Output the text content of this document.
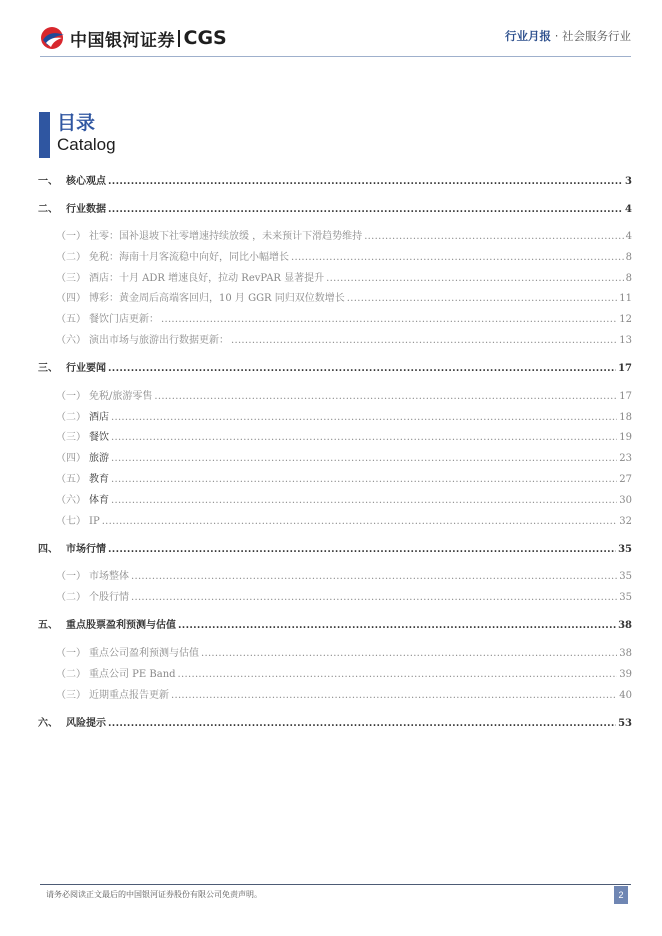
中国银河证券 CGS	行业月报 · 社会服务行业
目录
Catalog
一、 核心观点 .....	3
二、 行业数据 .....	4
（一） 社零：国补退坡下社零增速持续放缓 ，未来预计下滑趋势维持 .....	4
（二） 免税：海南十月客流稳中向好，同比小幅增长 .....	8
（三） 酒店：十月 ADR 增速良好，拉动 RevPAR 显著提升 .....	8
（四） 博彩：黄金周后高端客回归，10 月 GGR 同归双位数增长 .....	11
（五） 餐饮门店更新： .....	12
（六） 演出市场与旅游出行数据更新： .....	13
三、 行业要闻 .....	17
（一） 免税/旅游零售 .....	17
（二） 酒店 .....	18
（三） 餐饮 .....	19
（四） 旅游 .....	23
（五） 教育 .....	27
（六） 体育 .....	30
（七） IP .....	32
四、 市场行情 .....	35
（一） 市场整体 .....	35
（二） 个股行情 .....	35
五、 重点股票盈利预测与估值 .....	38
（一） 重点公司盈利预测与估值 .....	38
（二） 重点公司 PE Band .....	39
（三） 近期重点报告更新 .....	40
六、 风险提示 .....	53
请务必阅读正文最后的中国银河证券股份有限公司免责声明。	2
